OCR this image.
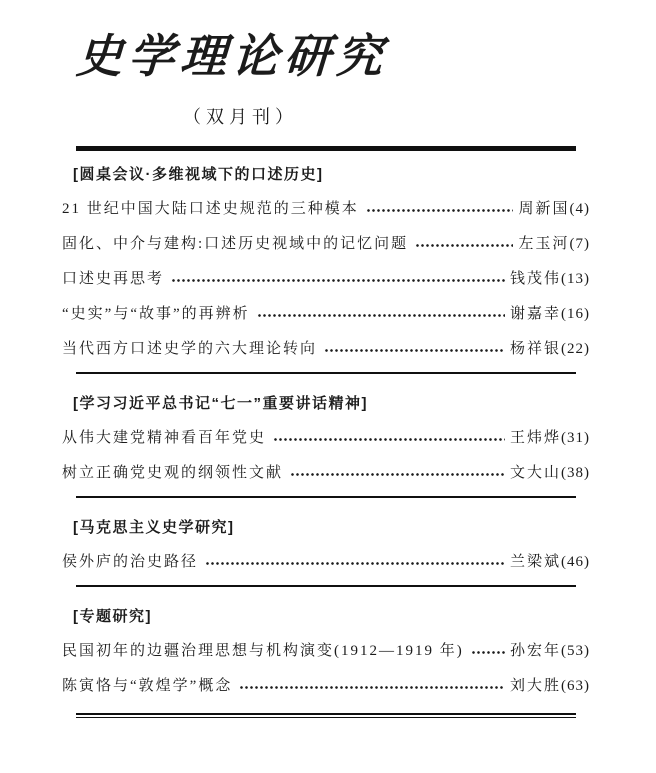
史学理论研究
（双月刊）
[圆桌会议·多维视域下的口述历史]
21 世纪中国大陆口述史规范的三种模本	周新国 (4)
固化、中介与建构:口述历史视域中的记忆问题	左玉河 (7)
口述史再思考	钱茂伟 (13)
“史实”与“故事”的再辨析	谢嘉幸 (16)
当代西方口述史学的六大理论转向	杨祥银 (22)
[学习习近平总书记“七一”重要讲话精神]
从伟大建党精神看百年党史	王炜烨 (31)
树立正确党史观的纲领性文献	文大山 (38)
[马克思主义史学研究]
侯外庐的治史路径	兰梁斌 (46)
[专题研究]
民国初年的边疆治理思想与机构演变(1912—1919 年)	孙宏年 (53)
陈寅恪与“敦煌学”概念	刘大胜 (63)
